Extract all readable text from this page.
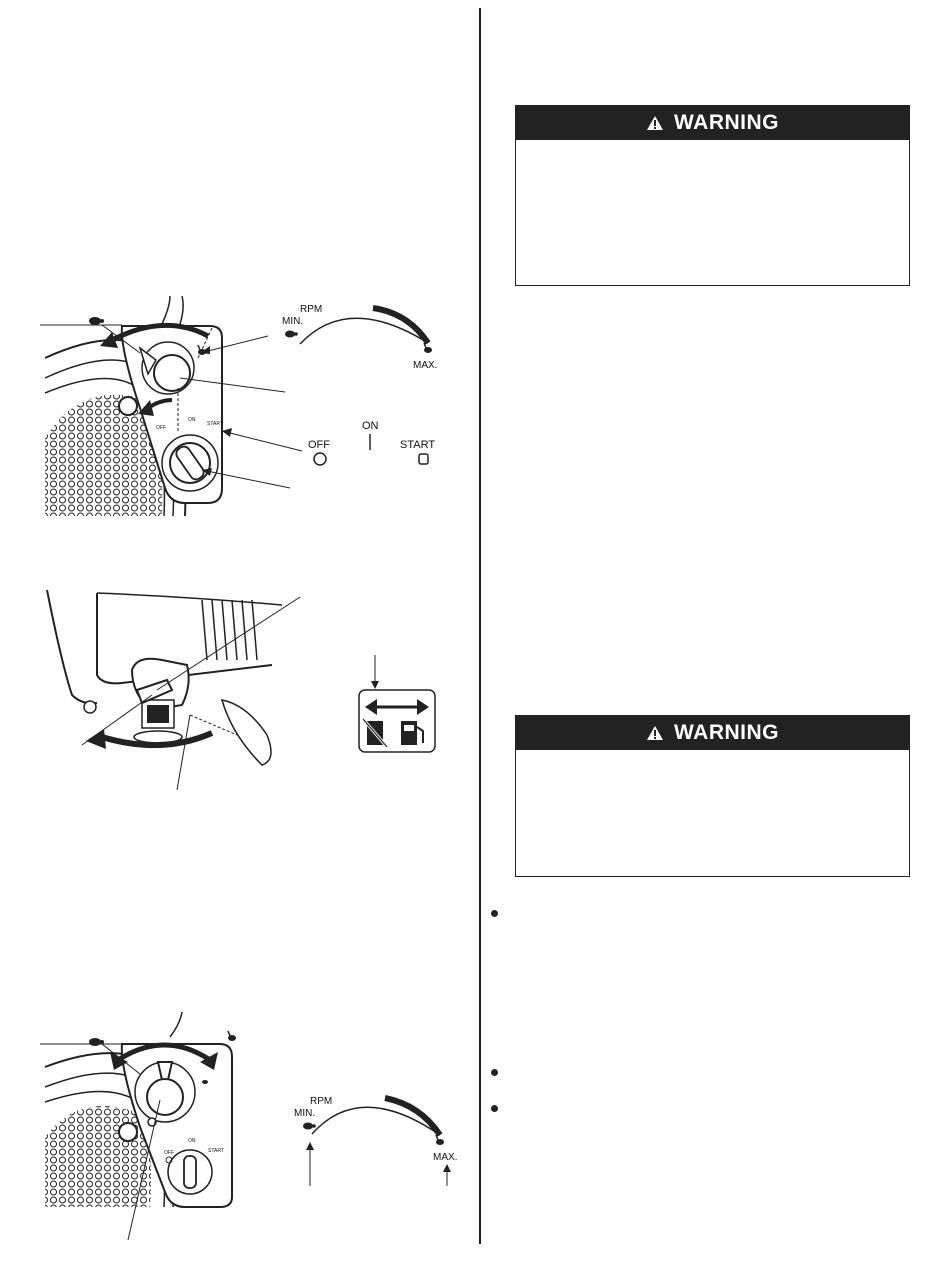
OFF
ON
START
RPM
MIN.
MAX.
ON
OFF	START
OFF
ON
START
RPM
MIN.
MAX.
WARNING
WARNING
